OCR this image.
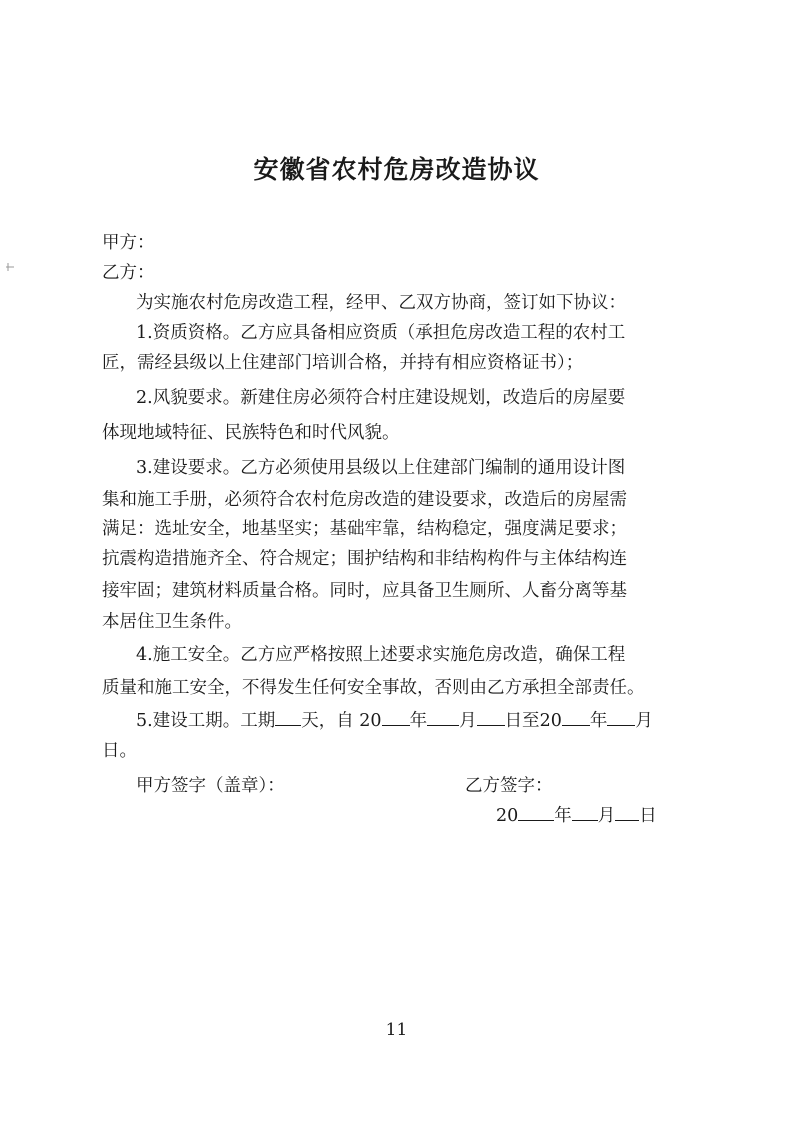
安徽省农村危房改造协议
甲方：
乙方：
为实施农村危房改造工程，经甲、乙双方协商，签订如下协议：
1.资质资格。乙方应具备相应资质（承担危房改造工程的农村工
匠，需经县级以上住建部门培训合格，并持有相应资格证书）；
2.风貌要求。新建住房必须符合村庄建设规划，改造后的房屋要
体现地域特征、民族特色和时代风貌。
3.建设要求。乙方必须使用县级以上住建部门编制的通用设计图
集和施工手册，必须符合农村危房改造的建设要求，改造后的房屋需
满足：选址安全，地基坚实；基础牢靠，结构稳定，强度满足要求；
抗震构造措施齐全、符合规定；围护结构和非结构构件与主体结构连
接牢固；建筑材料质量合格。同时，应具备卫生厕所、人畜分离等基
本居住卫生条件。
4.施工安全。乙方应严格按照上述要求实施危房改造，确保工程
质量和施工安全，不得发生任何安全事故，否则由乙方承担全部责任。
5.建设工期。工期 天，自 20 年 月 日至20 年 月
日。
甲方签字（盖章）：	乙方签字：
20 年 月 日
11
